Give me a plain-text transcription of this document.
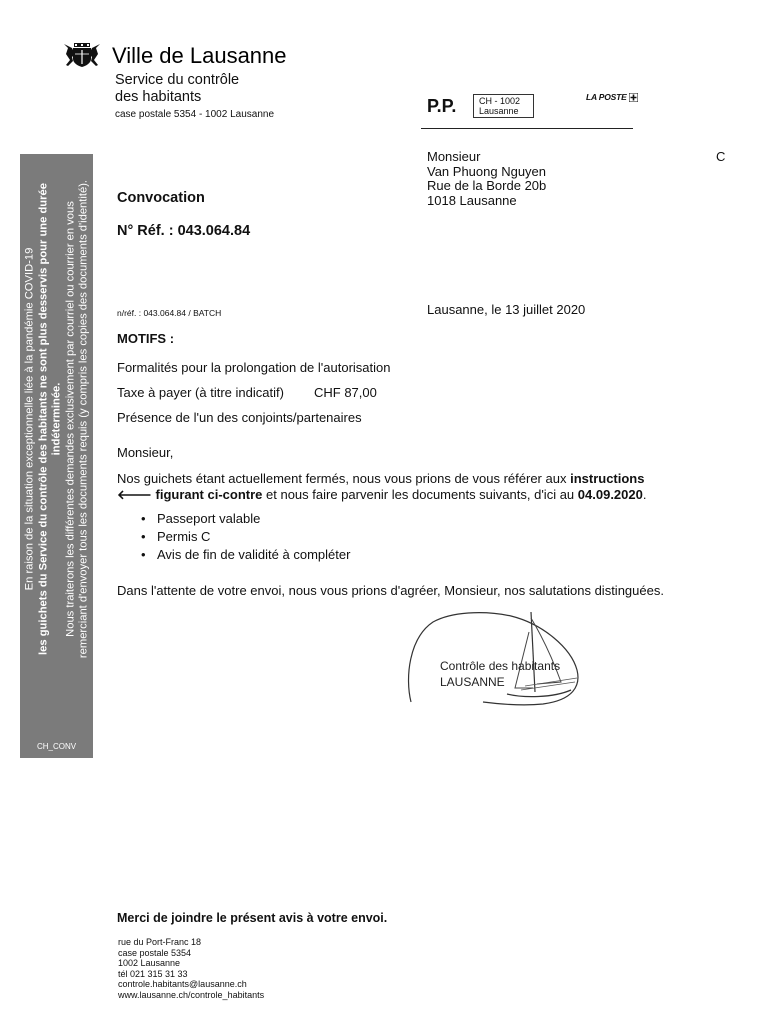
Ville de Lausanne
Service du contrôle
des habitants
case postale 5354 - 1002 Lausanne	P.P.	CH - 1002
Lausanne
LA POSTE
Monsieur
Van Phuong Nguyen
Rue de la Borde 20b
1018 Lausanne
C
En raison de la situation exceptionnelle liée à la pandémie COVID-19 les guichets du Service du contrôle des habitants ne sont plus desservis pour une durée indéterminée. Nous traiterons les différentes demandes exclusivement par courriel ou courrier en vous remerciant d'envoyer tous les documents requis (y compris les copies des documents d'identité).
CH_CONV
Convocation
N° Réf. : 043.064.84
n/réf. : 043.064.84 / BATCH	Lausanne, le 13 juillet 2020
MOTIFS :
Formalités pour la prolongation de l'autorisation
Taxe à payer (à titre indicatif) CHF 87,00
Présence de l'un des conjoints/partenaires
Monsieur,
Nos guichets étant actuellement fermés, nous vous prions de vous référer aux instructions
🡐 figurant ci-contre et nous faire parvenir les documents suivants, d'ici au 04.09.2020.
• Passeport valable
• Permis C
• Avis de fin de validité à compléter
Dans l'attente de votre envoi, nous vous prions d'agréer, Monsieur, nos salutations distinguées.
Contrôle des habitants
LAUSANNE
Merci de joindre le présent avis à votre envoi.
rue du Port-Franc 18
case postale 5354
1002 Lausanne
tél 021 315 31 33
controle.habitants@lausanne.ch
www.lausanne.ch/controle_habitants
